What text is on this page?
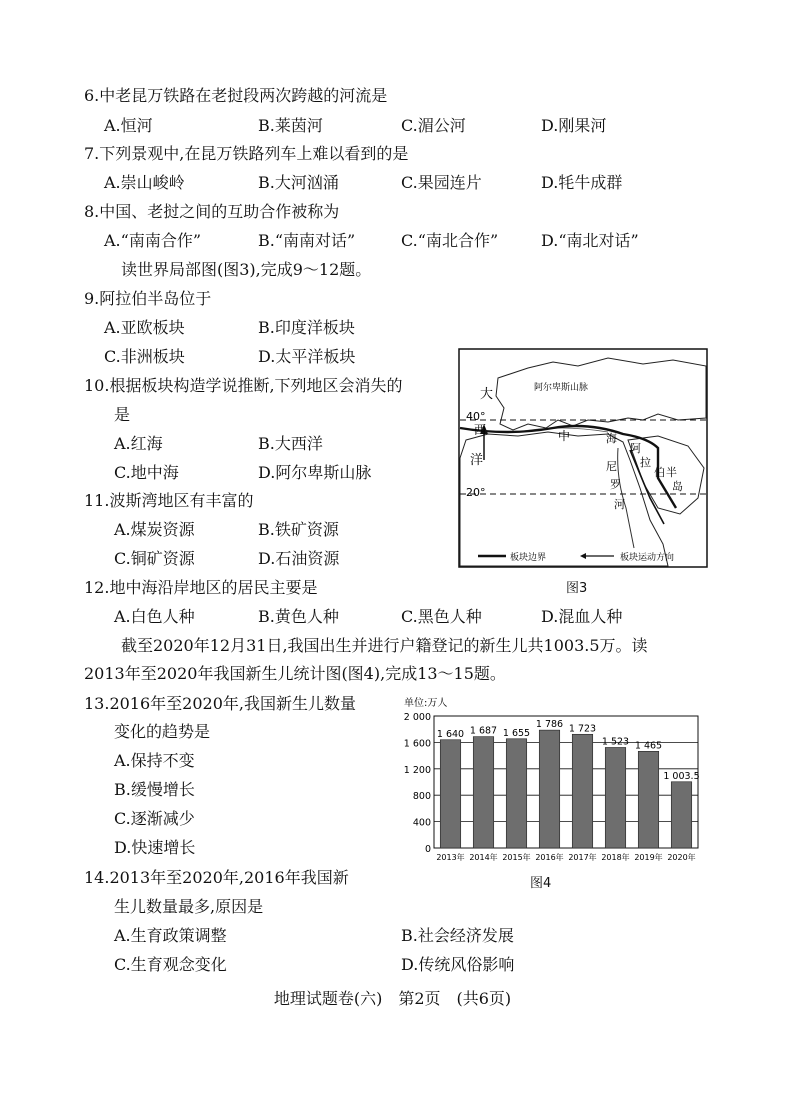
6.中老昆万铁路在老挝段两次跨越的河流是
A.恒河	B.莱茵河	C.湄公河	D.刚果河
7.下列景观中,在昆万铁路列车上难以看到的是
A.崇山峻岭	B.大河汹涌	C.果园连片	D.牦牛成群
8.中国、老挝之间的互助合作被称为
A.“南南合作”	B.“南南对话”	C.“南北合作”	D.“南北对话”
读世界局部图(图3),完成9～12题。
9.阿拉伯半岛位于
A.亚欧板块	B.印度洋板块
C.非洲板块	D.太平洋板块
10.根据板块构造学说推断,下列地区会消失的
是
A.红海	B.大西洋
C.地中海	D.阿尔卑斯山脉
11.波斯湾地区有丰富的
A.煤炭资源	B.铁矿资源
C.铜矿资源	D.石油资源
12.地中海沿岸地区的居民主要是
A.白色人种	B.黄色人种	C.黑色人种	D.混血人种
截至2020年12月31日,我国出生并进行户籍登记的新生儿共1003.5万。读
2013年至2020年我国新生儿统计图(图4),完成13～15题。
13.2016年至2020年,我国新生儿数量
变化的趋势是
A.保持不变
B.缓慢增长
C.逐渐减少
D.快速增长
14.2013年至2020年,2016年我国新
生儿数量最多,原因是
A.生育政策调整	B.社会经济发展
C.生育观念变化	D.传统风俗影响
地理试题卷(六)　第2页　(共6页)
40°
20°
大
西
洋
阿尔卑斯山脉
中	海
尼
罗
河
阿
拉
伯 半
岛
板块边界	板块运动方向
图3
单位:万人
0
400
800
1 200
1 600
2 000
1 640
2013年
1 687
2014年
1 655
2015年
1 786
2016年
1 723
2017年
1 523
2018年
1 465
2019年
1 003.5
2020年
图4
